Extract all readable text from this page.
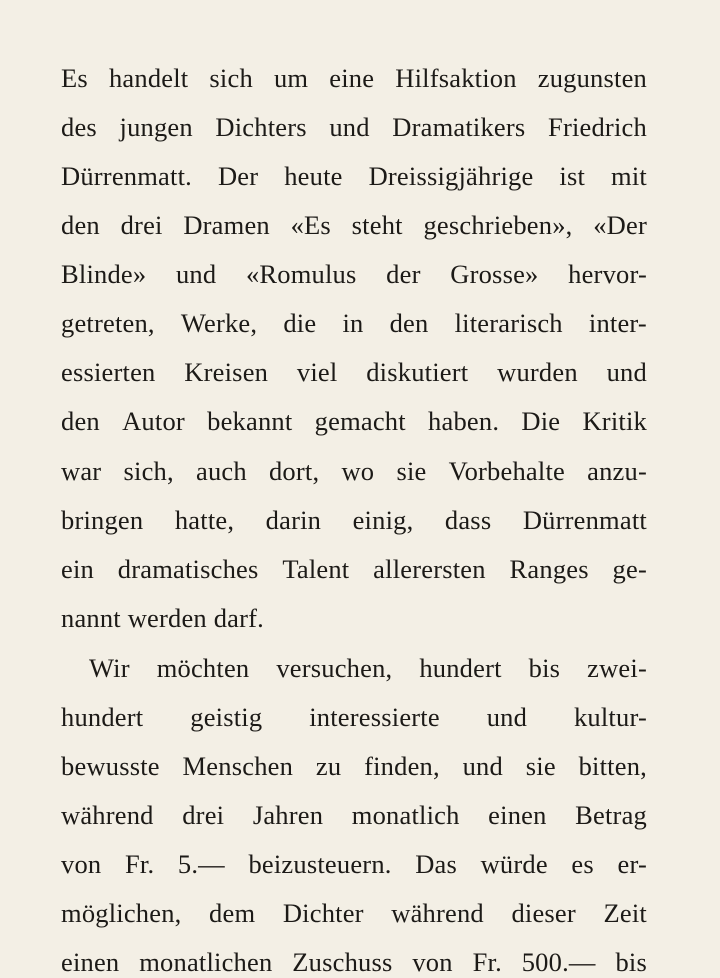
Es handelt sich um eine Hilfsaktion zugunsten
des jungen Dichters und Dramatikers Friedrich
Dürrenmatt. Der heute Dreissigjährige ist mit
den drei Dramen «Es steht geschrieben», «Der
Blinde» und «Romulus der Grosse» hervor-
getreten, Werke, die in den literarisch inter-
essierten Kreisen viel diskutiert wurden und
den Autor bekannt gemacht haben. Die Kritik
war sich, auch dort, wo sie Vorbehalte anzu-
bringen hatte, darin einig, dass Dürrenmatt
ein dramatisches Talent allerersten Ranges ge-
nannt werden darf.
Wir möchten versuchen, hundert bis zwei-
hundert geistig interessierte und kultur-
bewusste Menschen zu finden, und sie bitten,
während drei Jahren monatlich einen Betrag
von Fr. 5.— beizusteuern. Das würde es er-
möglichen, dem Dichter während dieser Zeit
einen monatlichen Zuschuss von Fr. 500.— bis
